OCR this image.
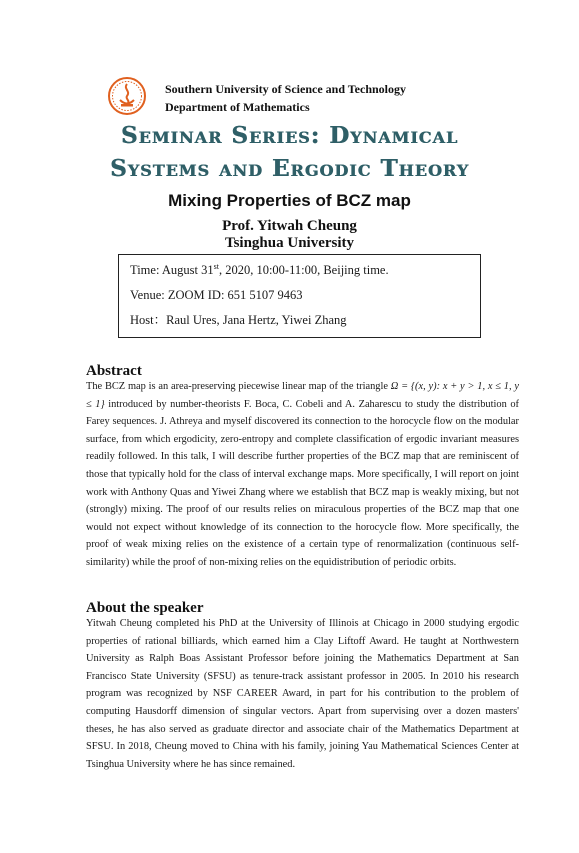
Southern University of Science and Technology
Department of Mathematics
Seminar Series: Dynamical
Systems and Ergodic Theory
Mixing Properties of BCZ map
Prof. Yitwah Cheung
Tsinghua University
Time: August 31st, 2020, 10:00-11:00, Beijing time.
Venue: ZOOM ID: 651 5107 9463
Host：Raul Ures, Jana Hertz, Yiwei Zhang
Abstract
The BCZ map is an area-preserving piecewise linear map of the triangle Ω = {(x, y): x + y > 1, x ≤ 1, y ≤ 1} introduced by number-theorists F. Boca, C. Cobeli and A. Zaharescu to study the distribution of Farey sequences. J. Athreya and myself discovered its connection to the horocycle flow on the modular surface, from which ergodicity, zero-entropy and complete classification of ergodic invariant measures readily followed. In this talk, I will describe further properties of the BCZ map that are reminiscent of those that typically hold for the class of interval exchange maps. More specifically, I will report on joint work with Anthony Quas and Yiwei Zhang where we establish that BCZ map is weakly mixing, but not (strongly) mixing. The proof of our results relies on miraculous properties of the BCZ map that one would not expect without knowledge of its connection to the horocycle flow. More specifically, the proof of weak mixing relies on the existence of a certain type of renormalization (continuous self-similarity) while the proof of non-mixing relies on the equidistribution of periodic orbits.
About the speaker
Yitwah Cheung completed his PhD at the University of Illinois at Chicago in 2000 studying ergodic properties of rational billiards, which earned him a Clay Liftoff Award. He taught at Northwestern University as Ralph Boas Assistant Professor before joining the Mathematics Department at San Francisco State University (SFSU) as tenure-track assistant professor in 2005. In 2010 his research program was recognized by NSF CAREER Award, in part for his contribution to the problem of computing Hausdorff dimension of singular vectors. Apart from supervising over a dozen masters' theses, he has also served as graduate director and associate chair of the Mathematics Department at SFSU. In 2018, Cheung moved to China with his family, joining Yau Mathematical Sciences Center at Tsinghua University where he has since remained.
